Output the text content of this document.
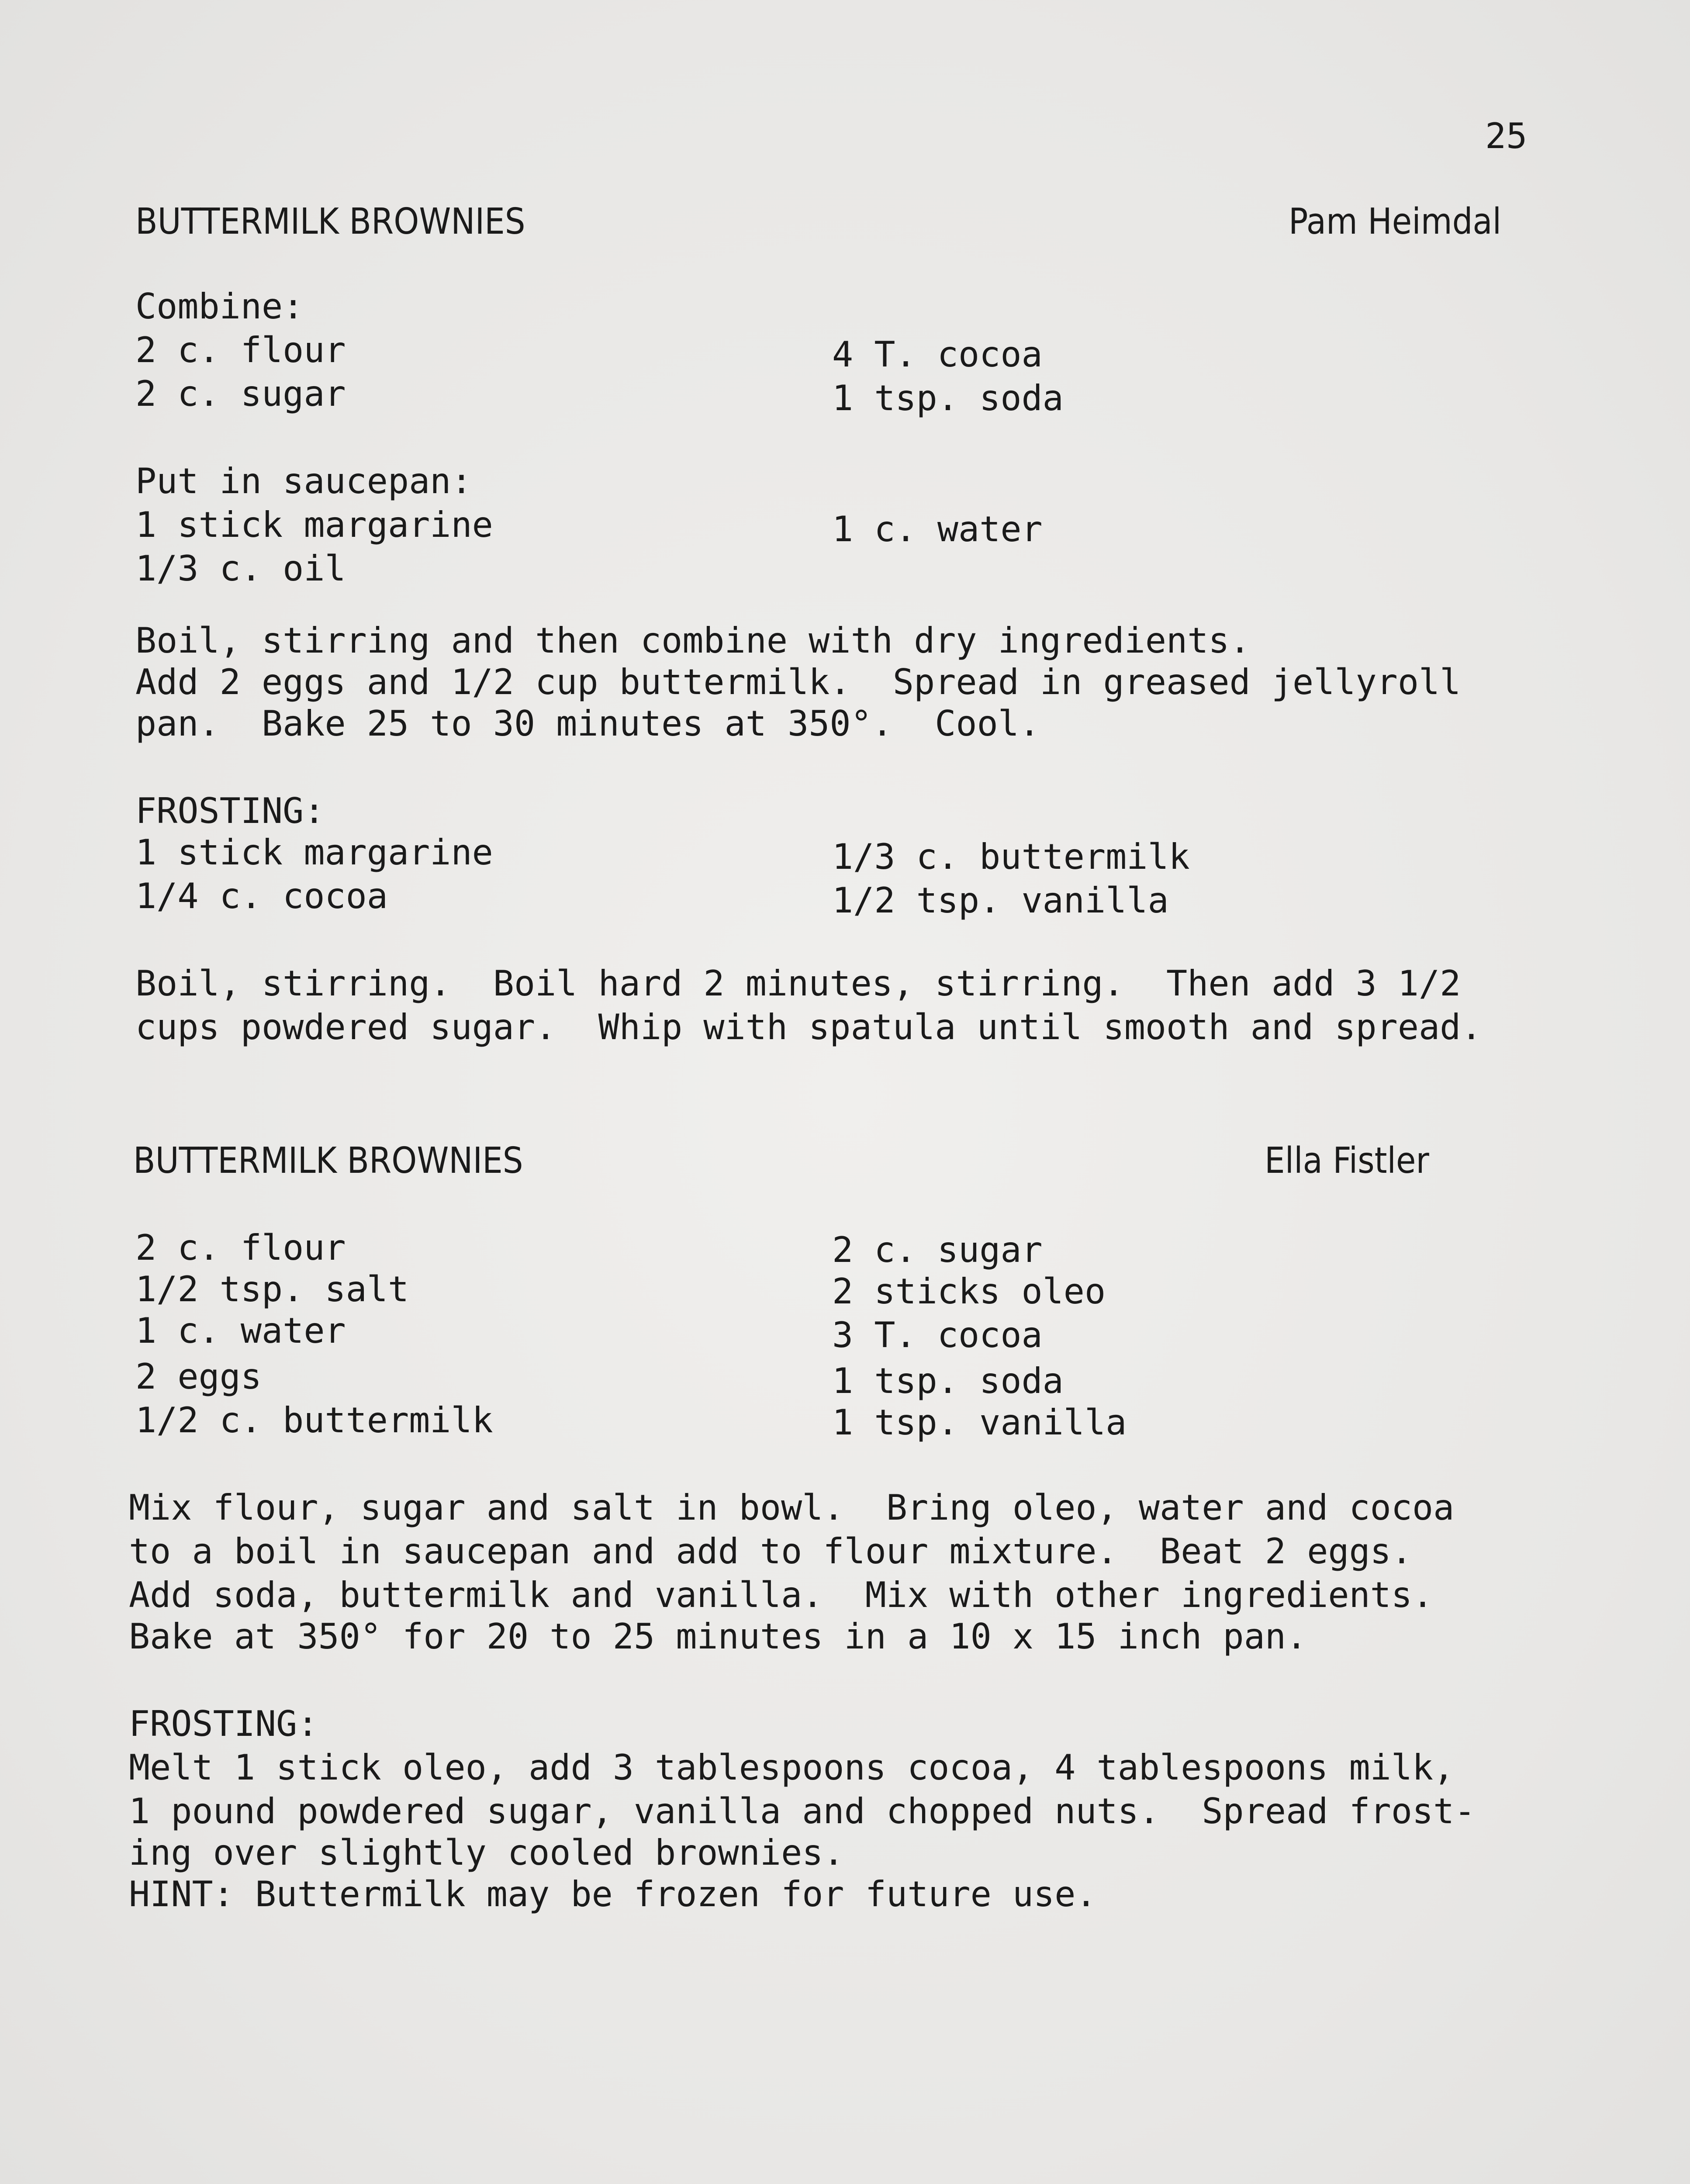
25
BUTTERMILK BROWNIES	Pam Heimdal
Combine:
2 c. flour	4 T. cocoa
2 c. sugar	1 tsp. soda
Put in saucepan:
1 stick margarine	1 c. water
1/3 c. oil
Boil, stirring and then combine with dry ingredients.
Add 2 eggs and 1/2 cup buttermilk.  Spread in greased jellyroll
pan.  Bake 25 to 30 minutes at 350°.  Cool.
FROSTING:
1 stick margarine	1/3 c. buttermilk
1/4 c. cocoa	1/2 tsp. vanilla
Boil, stirring.  Boil hard 2 minutes, stirring.  Then add 3 1/2
cups powdered sugar.  Whip with spatula until smooth and spread.
BUTTERMILK BROWNIES	Ella Fistler
2 c. flour	2 c. sugar
1/2 tsp. salt	2 sticks oleo
1 c. water	3 T. cocoa
2 eggs	1 tsp. soda
1/2 c. buttermilk	1 tsp. vanilla
Mix flour, sugar and salt in bowl.  Bring oleo, water and cocoa
to a boil in saucepan and add to flour mixture.  Beat 2 eggs.
Add soda, buttermilk and vanilla.  Mix with other ingredients.
Bake at 350° for 20 to 25 minutes in a 10 x 15 inch pan.
FROSTING:
Melt 1 stick oleo, add 3 tablespoons cocoa, 4 tablespoons milk,
1 pound powdered sugar, vanilla and chopped nuts.  Spread frost-
ing over slightly cooled brownies.
HINT: Buttermilk may be frozen for future use.
